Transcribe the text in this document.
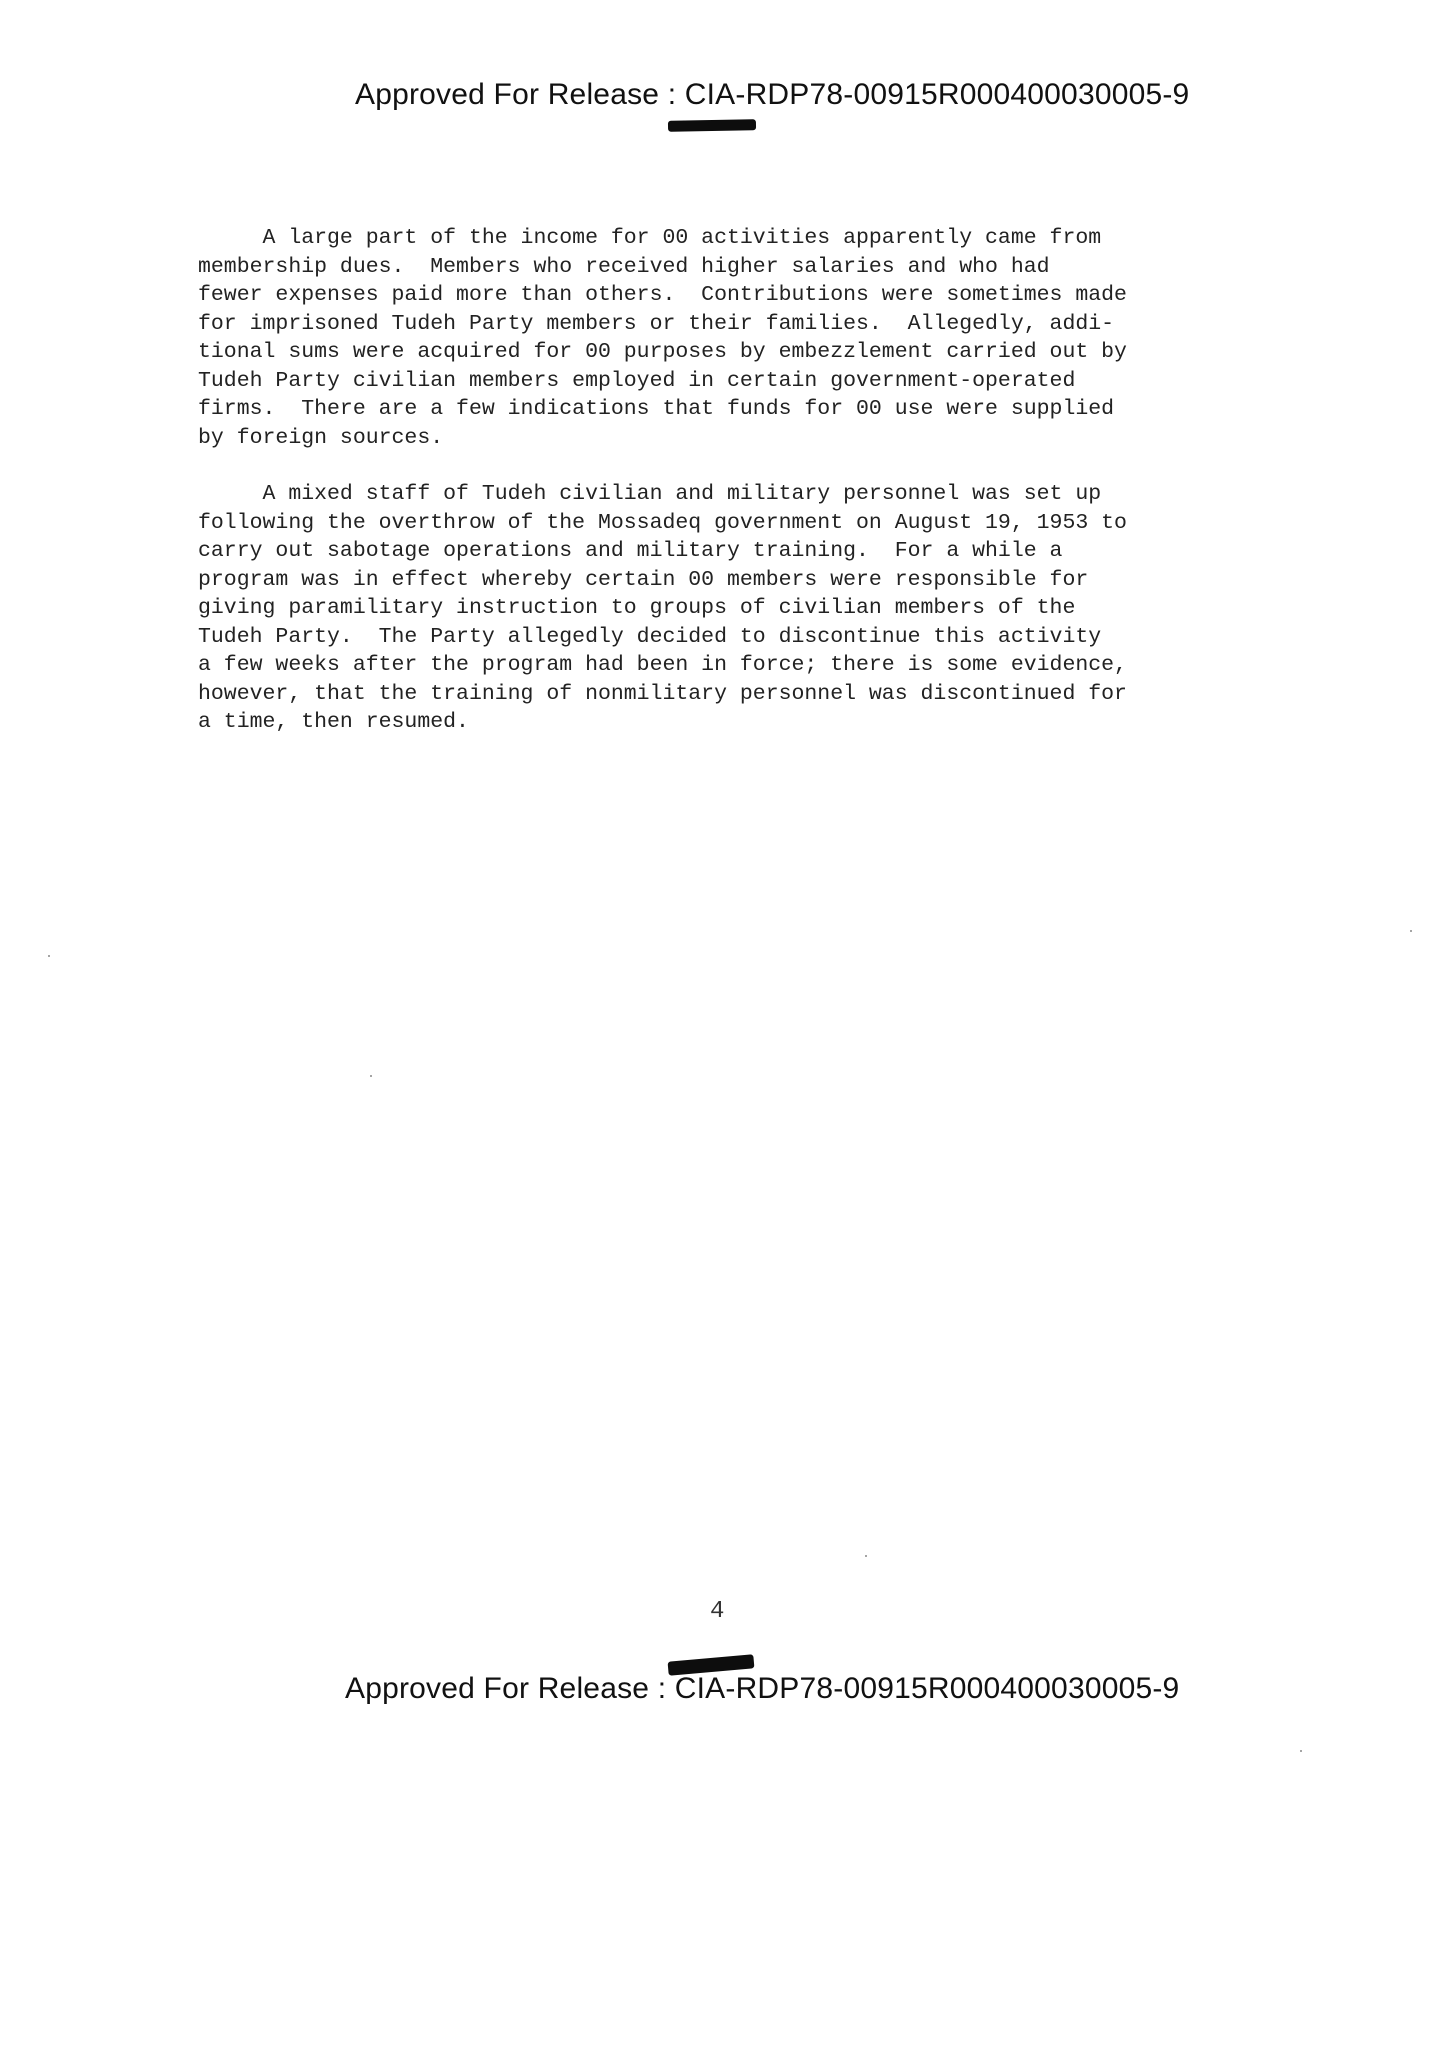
Approved For Release : CIA-RDP78-00915R000400030005-9

A large part of the income for 00 activities apparently came from
membership dues.  Members who received higher salaries and who had
fewer expenses paid more than others.  Contributions were sometimes made
for imprisoned Tudeh Party members or their families.  Allegedly, addi-
tional sums were acquired for 00 purposes by embezzlement carried out by
Tudeh Party civilian members employed in certain government-operated
firms.  There are a few indications that funds for 00 use were supplied
by foreign sources.

A mixed staff of Tudeh civilian and military personnel was set up
following the overthrow of the Mossadeq government on August 19, 1953 to
carry out sabotage operations and military training.  For a while a
program was in effect whereby certain 00 members were responsible for
giving paramilitary instruction to groups of civilian members of the
Tudeh Party.  The Party allegedly decided to discontinue this activity
a few weeks after the program had been in force; there is some evidence,
however, that the training of nonmilitary personnel was discontinued for
a time, then resumed.

4
Approved For Release : CIA-RDP78-00915R000400030005-9
